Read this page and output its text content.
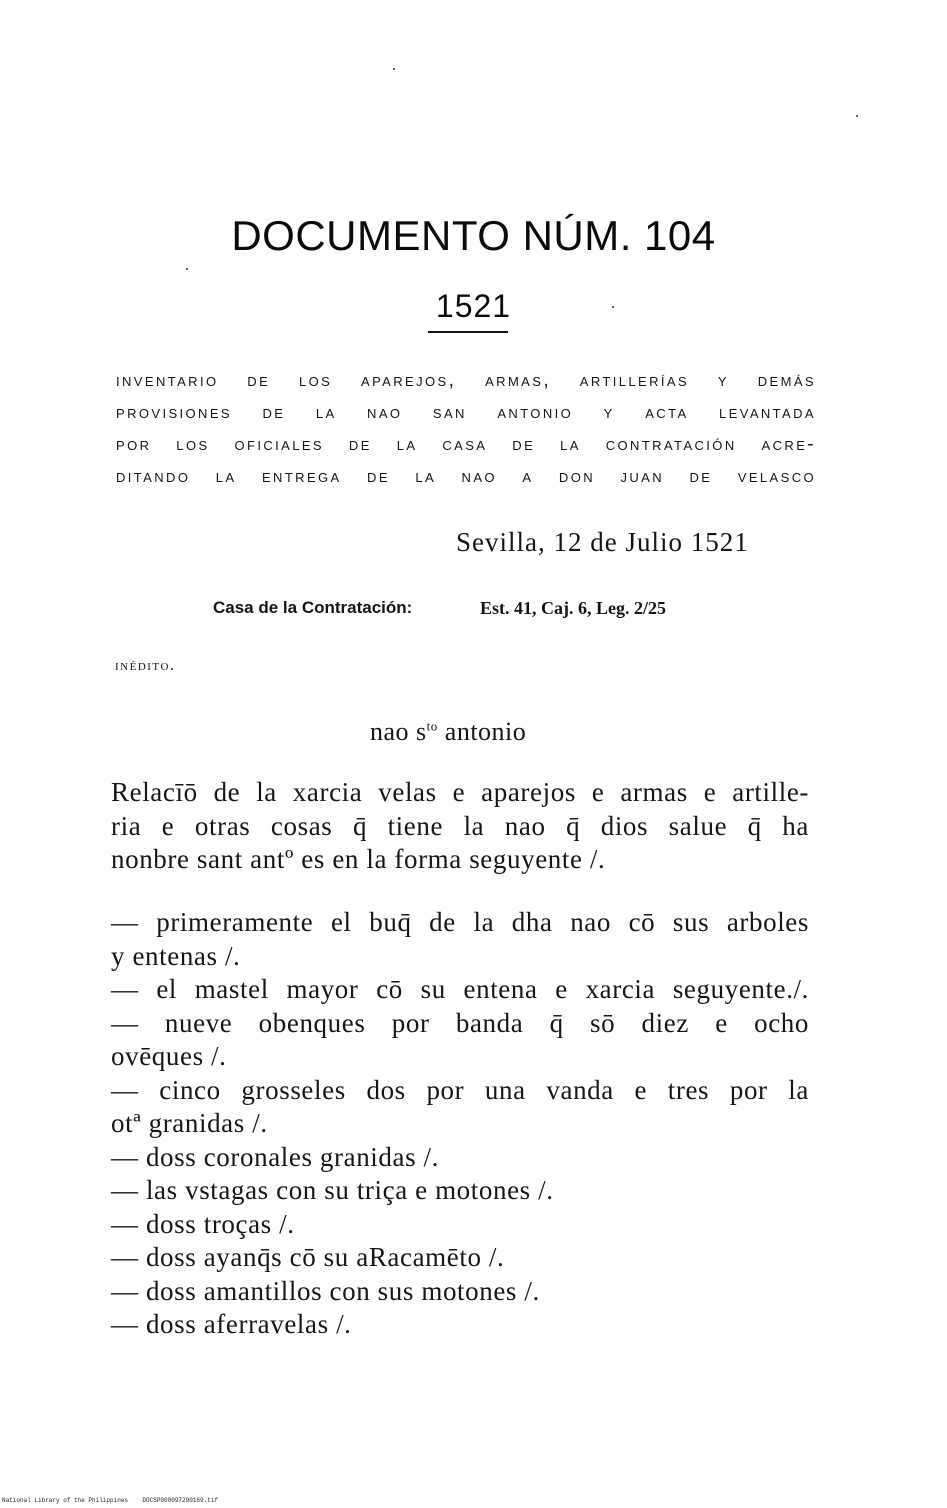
DOCUMENTO NÚM. 104
1521
inventario de los aparejos, armas, artillerías y demás
provisiones de la nao san antonio y acta levantada
por los oficiales de la casa de la contratación acre-
ditando la entrega de la nao a don juan de velasco
Sevilla, 12 de Julio 1521
Casa de la Contratación:	Est. 41, Caj. 6, Leg. 2/25
inédito.
nao $s^{to}$ antonio
Relacīō de la xarcia velas e aparejos e armas e artille-
ria e otras cosas q̄ tiene la nao q̄ dios salue q̄ ha
nonbre sant antº es en la forma seguyente /.
— primeramente el buq̄ de la dha nao cō sus arboles
y entenas /.
— el mastel mayor cō su entena e xarcia seguyente./.
— nueve obenques por banda q̄ sō diez e ocho
ovēques /.
— cinco grosseles dos por una vanda e tres por la
otª granidas /.
— doss coronales granidas /.
— las vstagas con su triça e motones /.
— doss troças /.
— doss ayanq̄s cō su aRacamēto /.
— doss amantillos con sus motones /.
— doss aferravelas /.
National Library of the Philippines    DOCSP000097290169.tif
